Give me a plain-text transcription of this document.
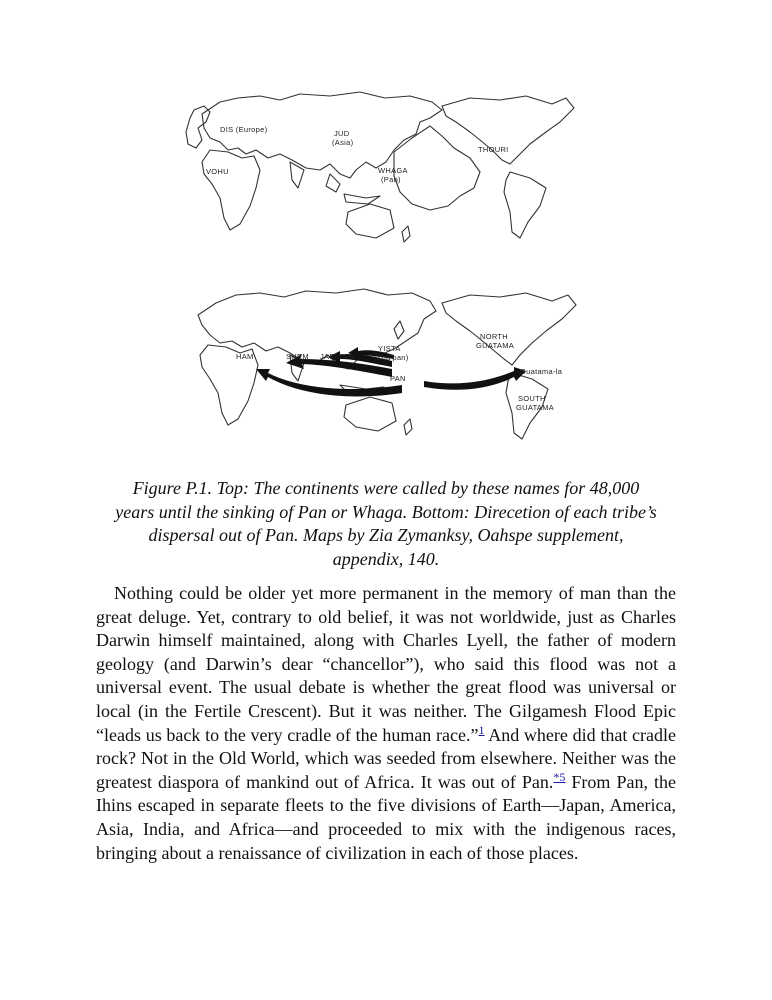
DIS (Europe)	JUD
(Asia)
VOHU	WHAGA
(Pan)
THOURI
HAM	SHEM JAFFETH
YISTA
(Zha'pan)
PAN
NORTH
GUATAMA
Guatama-la
SOUTH
GUATAMA
Figure P.1. Top: The continents were called by these names for 48,000
years until the sinking of Pan or Whaga. Bottom: Direcetion of each tribe’s
dispersal out of Pan. Maps by Zia Zymanksy, Oahspe supplement,
appendix, 140.

Nothing could be older yet more permanent in the memory of man than the great deluge. Yet, contrary to old belief, it was not worldwide, just as Charles Darwin himself maintained, along with Charles Lyell, the father of modern geology (and Darwin’s dear “chancellor”), who said this flood was not a universal event. The usual debate is whether the great flood was universal or local (in the Fertile Crescent). But it was neither. The Gilgamesh Flood Epic “leads us back to the very cradle of the human race.”$^1$ And where did that cradle rock? Not in the Old World, which was seeded from elsewhere. Neither was the greatest diaspora of mankind out of Africa. It was out of Pan.$^{*5}$ From Pan, the Ihins escaped in separate fleets to the five divisions of Earth—Japan, America, Asia, India, and Africa—and proceeded to mix with the indigenous races, bringing about a renaissance of civilization in each of those places.
